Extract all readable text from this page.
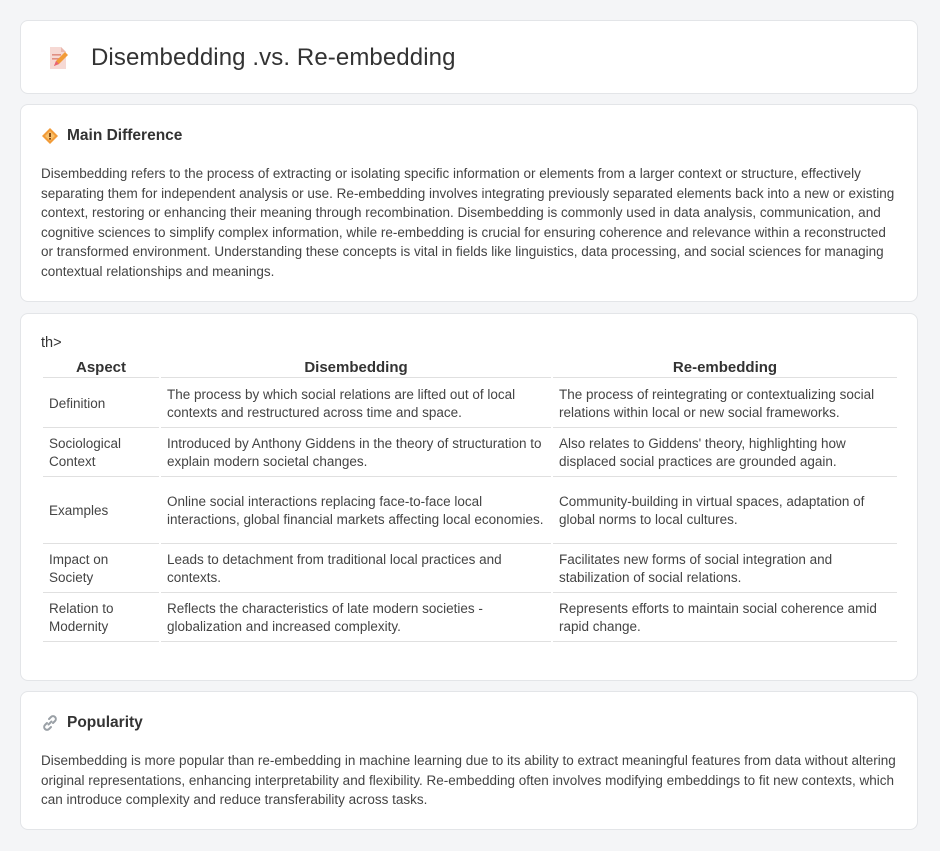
Disembedding .vs. Re-embedding
Main Difference

Disembedding refers to the process of extracting or isolating specific information or elements from a larger context or structure, effectively separating them for independent analysis or use. Re-embedding involves integrating previously separated elements back into a new or existing context, restoring or enhancing their meaning through recombination. Disembedding is commonly used in data analysis, communication, and cognitive sciences to simplify complex information, while re-embedding is crucial for ensuring coherence and relevance within a reconstructed or transformed environment. Understanding these concepts is vital in fields like linguistics, data processing, and social sciences for managing contextual relationships and meanings.

th>
Aspect	Disembedding	Re-embedding
Definition	The process by which social relations are lifted out of local contexts and restructured across time and space.	The process of reintegrating or contextualizing social relations within local or new social frameworks.
Sociological Context	Introduced by Anthony Giddens in the theory of structuration to explain modern societal changes.	Also relates to Giddens' theory, highlighting how displaced social practices are grounded again.
Examples	Online social interactions replacing face-to-face local interactions, global financial markets affecting local economies.	Community-building in virtual spaces, adaptation of global norms to local cultures.
Impact on Society	Leads to detachment from traditional local practices and contexts.	Facilitates new forms of social integration and stabilization of social relations.
Relation to Modernity	Reflects the characteristics of late modern societies - globalization and increased complexity.	Represents efforts to maintain social coherence amid rapid change.
Popularity

Disembedding is more popular than re-embedding in machine learning due to its ability to extract meaningful features from data without altering original representations, enhancing interpretability and flexibility. Re-embedding often involves modifying embeddings to fit new contexts, which can introduce complexity and reduce transferability across tasks.
